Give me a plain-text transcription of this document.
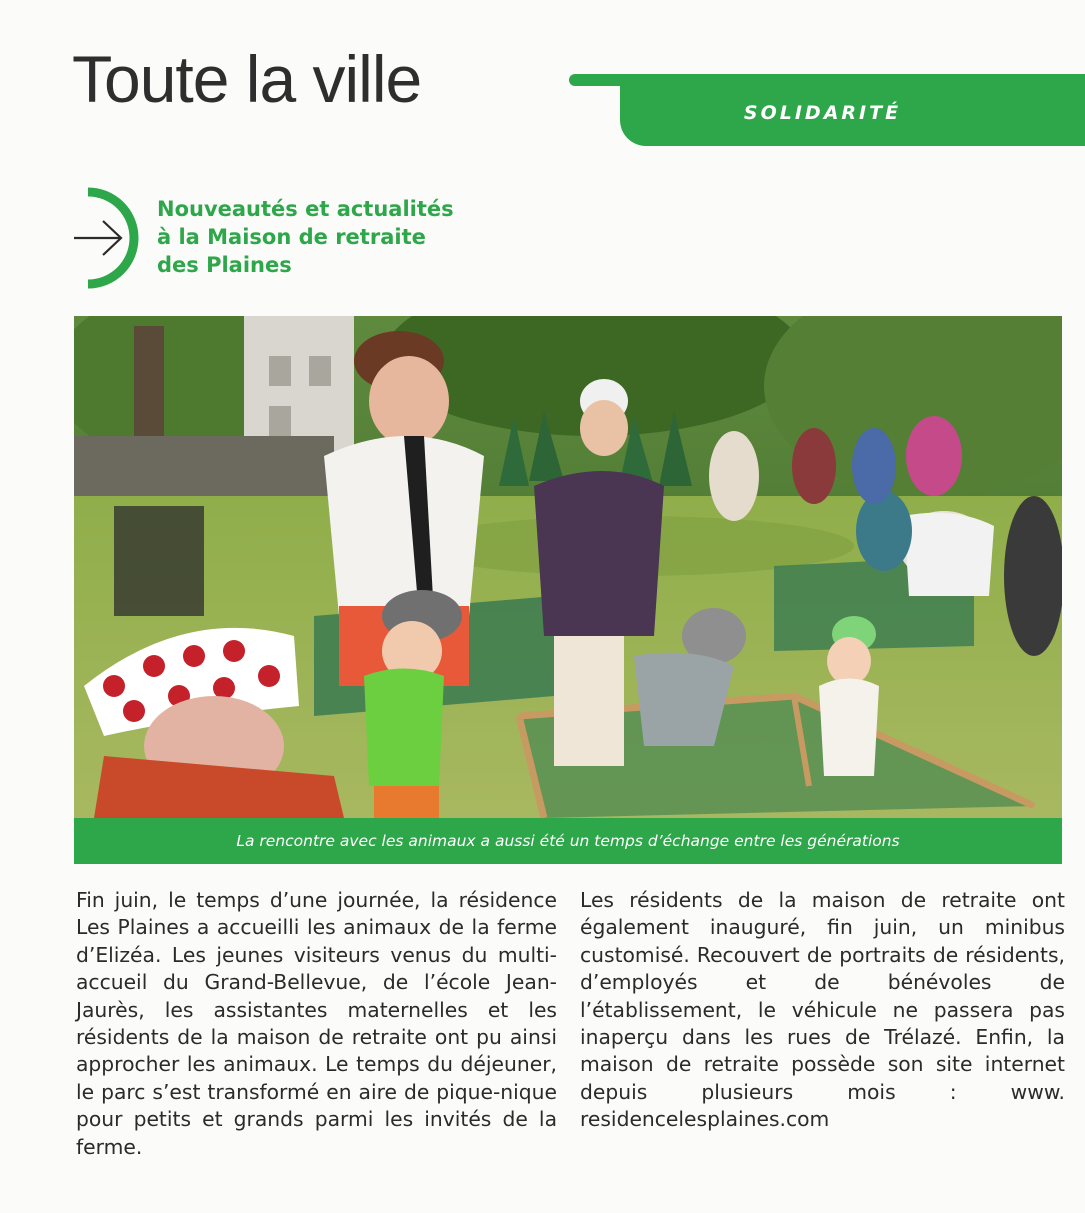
Toute la ville	SOLIDARITÉ
Nouveautés et actualités
à la Maison de retraite
des Plaines
La rencontre avec les animaux a aussi été un temps d’échange entre les générations

Fin juin, le temps d’une journée, la résidence Les Plaines a accueilli les animaux de la ferme d’Elizéa. Les jeunes visiteurs venus du multi-accueil du Grand-Bellevue, de l’école Jean-Jaurès, les assistantes maternelles et les résidents de la maison de retraite ont pu ainsi approcher les animaux. Le temps du déjeuner, le parc s’est transformé en aire de pique-nique pour petits et grands parmi les invités de la ferme.

Les résidents de la maison de retraite ont également inauguré, fin juin, un minibus customisé. Recouvert de portraits de résidents, d’employés et de bénévoles de l’établissement, le véhicule ne passera pas inaperçu dans les rues de Trélazé. Enfin, la maison de retraite possède son site internet depuis plusieurs mois : www. residencelesplaines.com
